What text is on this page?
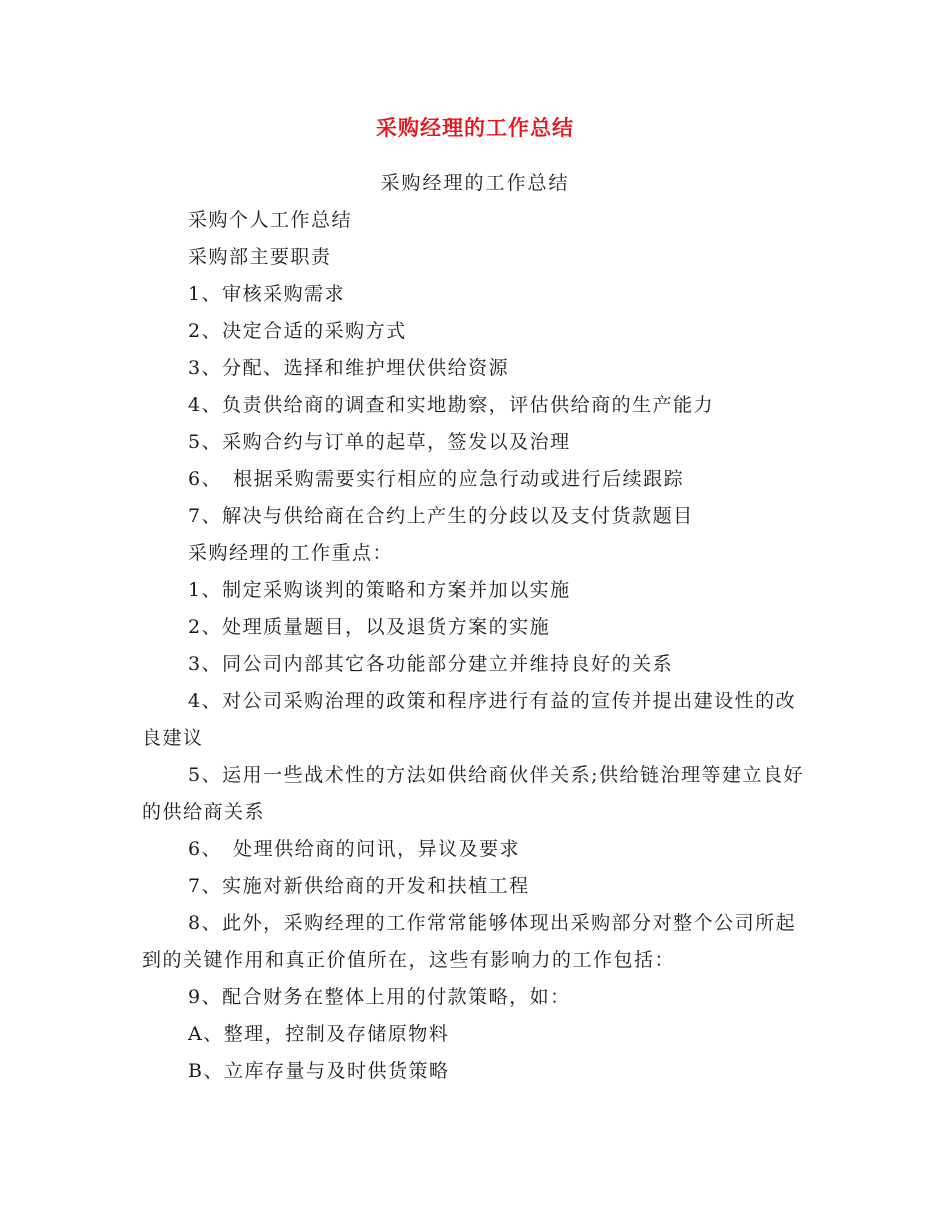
采购经理的工作总结
采购经理的工作总结

采购个人工作总结

采购部主要职责

1、审核采购需求

2、决定合适的采购方式

3、分配、选择和维护埋伏供给资源

4、负责供给商的调查和实地勘察，评估供给商的生产能力

5、采购合约与订单的起草，签发以及治理

6、　根据采购需要实行相应的应急行动或进行后续跟踪

7、解决与供给商在合约上产生的分歧以及支付货款题目

采购经理的工作重点：

1、制定采购谈判的策略和方案并加以实施

2、处理质量题目，以及退货方案的实施

3、同公司内部其它各功能部分建立并维持良好的关系

4、对公司采购治理的政策和程序进行有益的宣传并提出建设性的改良建议

5、运用一些战术性的方法如供给商伙伴关系;供给链治理等建立良好的供给商关系

6、　处理供给商的问讯，异议及要求

7、实施对新供给商的开发和扶植工程

8、此外，采购经理的工作常常能够体现出采购部分对整个公司所起到的关键作用和真正价值所在，这些有影响力的工作包括：

9、配合财务在整体上用的付款策略，如：

A、整理，控制及存储原物料

B、立库存量与及时供货策略
